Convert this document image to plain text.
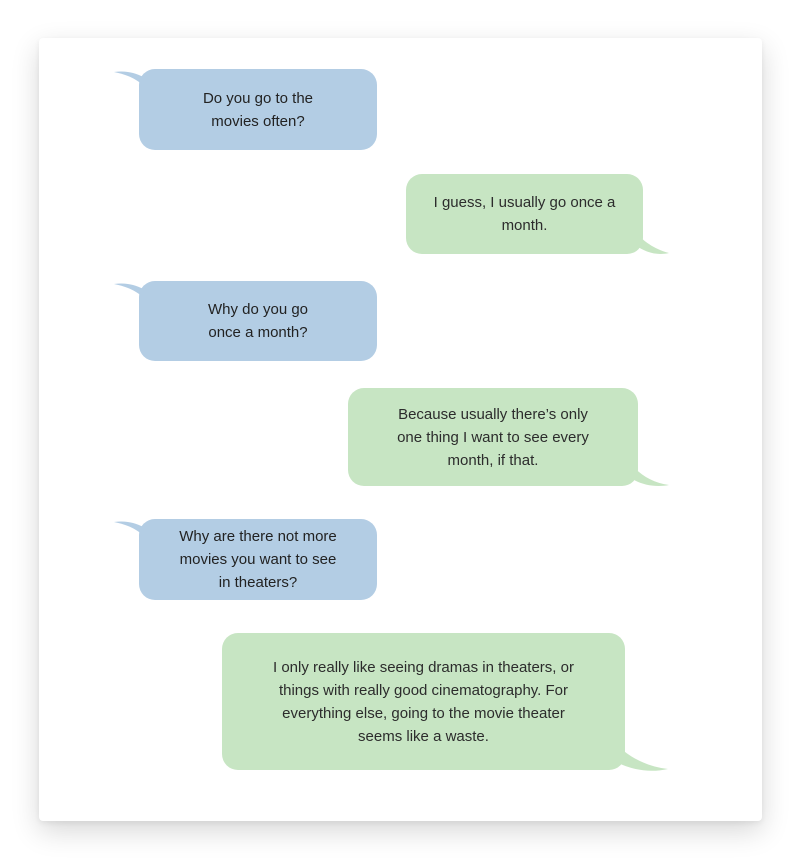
Do you go to the movies often?
I guess, I usually go once a month.
Why do you go once a month?
Because usually there’s only one thing I want to see every month, if that.
Why are there not more movies you want to see in theaters?
I only really like seeing dramas in theaters, or things with really good cinematography. For everything else, going to the movie theater seems like a waste.
